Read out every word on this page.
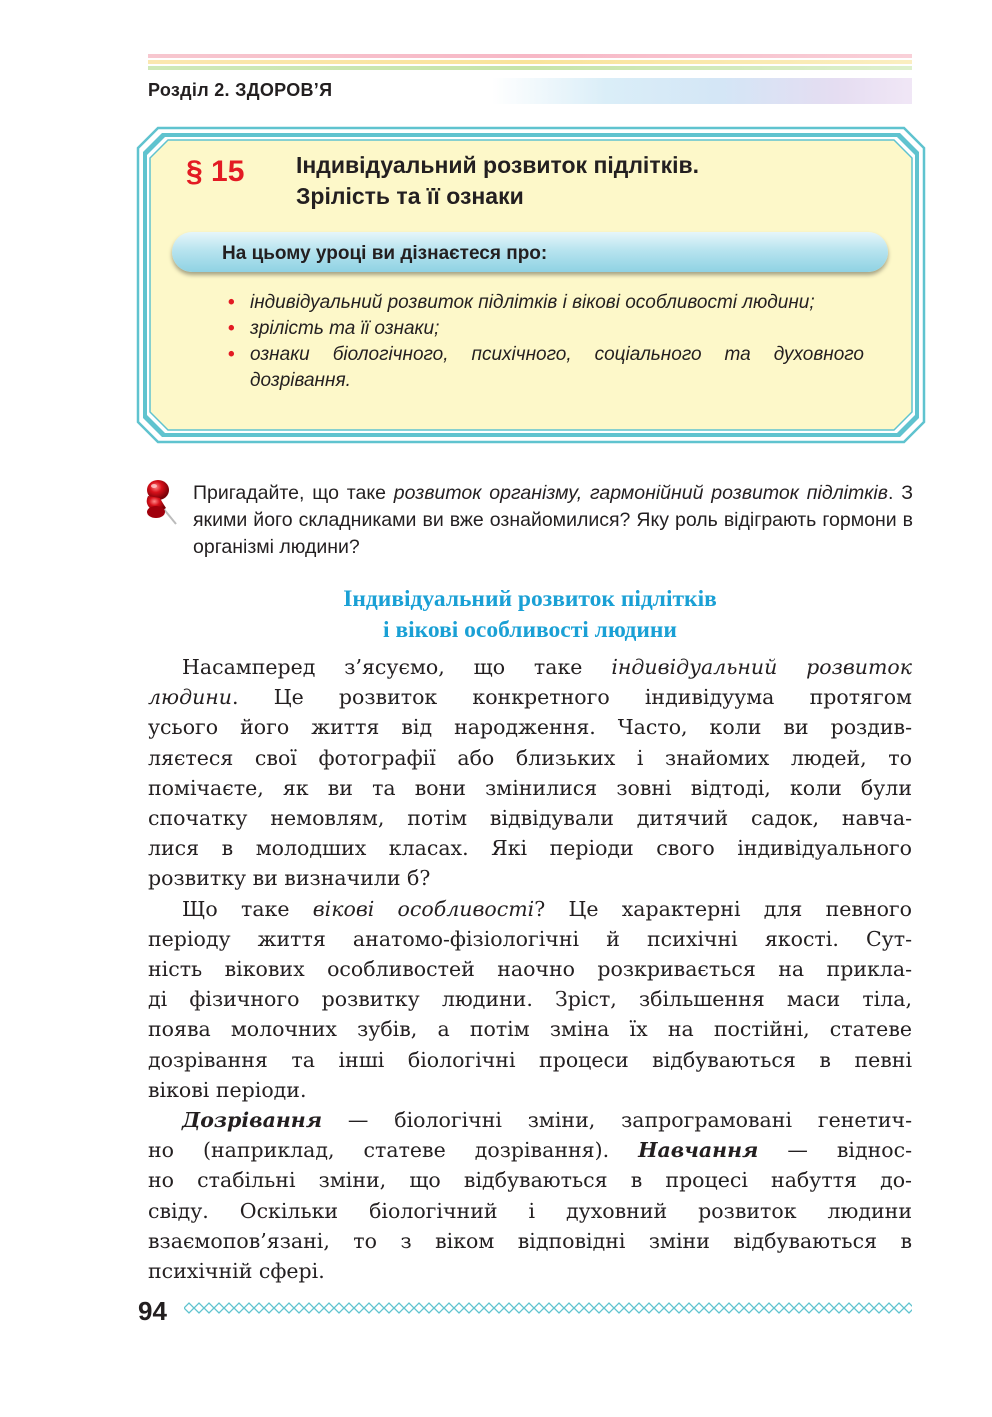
Розділ 2. ЗДОРОВ’Я
§ 15 Індивідуальний розвиток підлітків.
Зрілість та її ознаки
На цьому уроці ви дізнаєтеся про:
• індивідуальний розвиток підлітків і вікові особливості людини;
• зрілість та її ознаки;
• ознаки біологічного, психічного, соціального та духовного дозрівання.

Пригадайте, що таке розвиток організму, гармонійний розвиток підлітків. З якими його складниками ви вже ознайомилися? Яку роль відіграють гормони в організмі людини?

Індивідуальний розвиток підлітків
і вікові особливості людини
Насамперед з’ясуємо, що таке індивідуальний розвиток
людини. Це розвиток конкретного індивідуума протягом
усього його життя від народження. Часто, коли ви роздив-
ляєтеся свої фотографії або близьких і знайомих людей, то
помічаєте, як ви та вони змінилися зовні відтоді, коли були
спочатку немовлям, потім відвідували дитячий садок, навча-
лися в молодших класах. Які періоди свого індивідуального
розвитку ви визначили б?
Що таке вікові особливості? Це характерні для певного
періоду життя анатомо-фізіологічні й психічні якості. Сут-
ність вікових особливостей наочно розкривається на прикла-
ді фізичного розвитку людини. Зріст, збільшення маси тіла,
поява молочних зубів, а потім зміна їх на постійні, статеве
дозрівання та інші біологічні процеси відбуваються в певні
вікові періоди.
Дозрівання — біологічні зміни, запрограмовані генетич-
но (наприклад, статеве дозрівання). Навчання — віднос-
но стабільні зміни, що відбуваються в процесі набуття до-
свіду. Оскільки біологічний і духовний розвиток людини
взаємопов’язані, то з віком відповідні зміни відбуваються в
психічній сфері.
94
